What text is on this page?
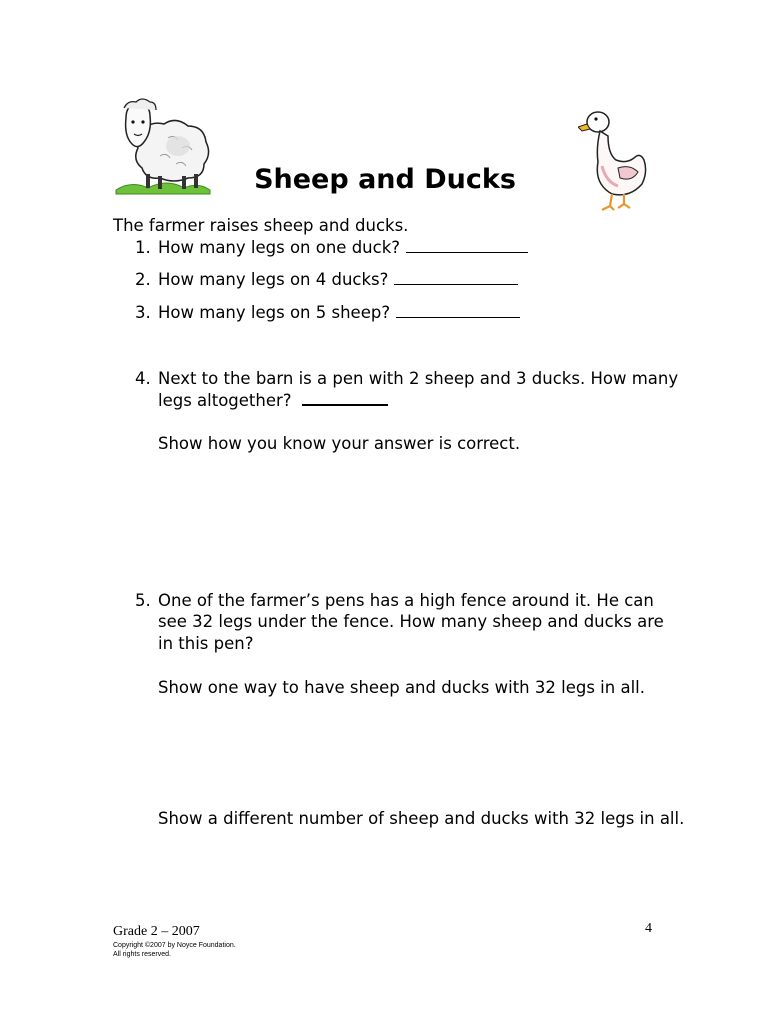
Sheep and Ducks
The farmer raises sheep and ducks.
1. How many legs on one duck?
2. How many legs on 4 ducks?
3. How many legs on 5 sheep?
4. Next to the barn is a pen with 2 sheep and 3 ducks. How many
legs altogether?
Show how you know your answer is correct.
5. One of the farmer’s pens has a high fence around it. He can
see 32 legs under the fence. How many sheep and ducks are
in this pen?
Show one way to have sheep and ducks with 32 legs in all.
Show a different number of sheep and ducks with 32 legs in all.
Grade 2 – 2007	4
Copyright ©2007 by Noyce Foundation.
All rights reserved.
